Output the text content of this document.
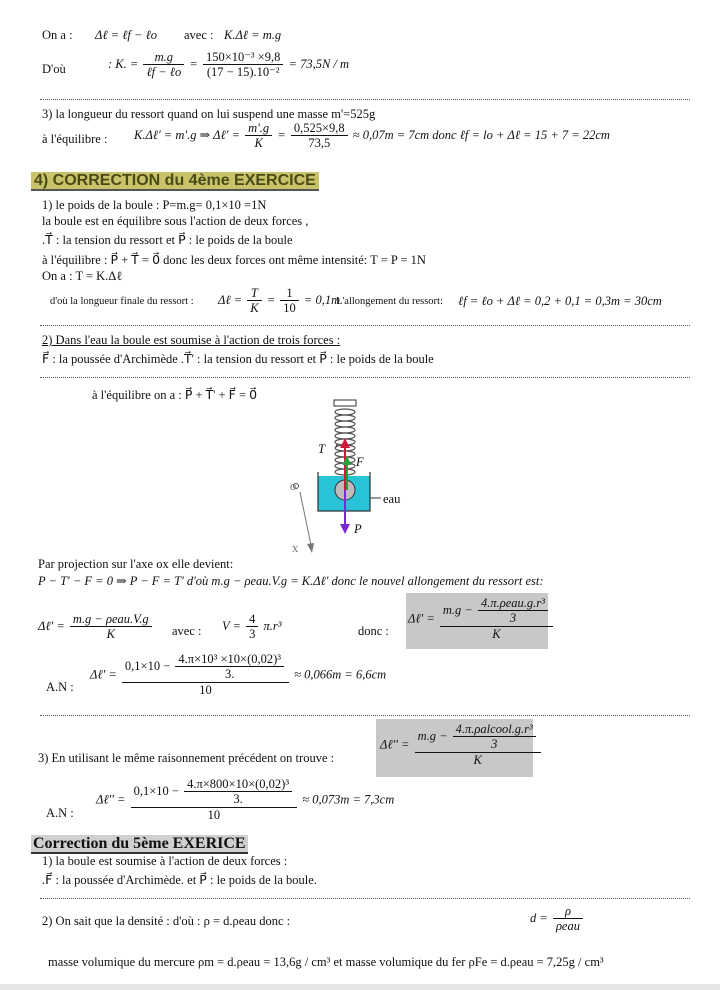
On a : Δℓ = ℓf − ℓo avec : K.Δℓ = m.g
D'où	: K. = $\frac{m.g}{\text{ℓf − ℓo}} = \frac{\text{150×10⁻³ ×9,8}}{\text{(17 − 15).10⁻²}} = 73,5N / m$
3) la longueur du ressort quand on lui suspend une masse m'=525g
à l'équilibre : K.Δℓ' = m'.g ⇒ Δℓ' = $\frac{m'.g}{K} = \frac{0,525\times 9,8}{73,5} \approx 0,07m = 7cm$ donc ℓf = lo + Δℓ = 15 + 7 = 22cm
4) CORRECTION du 4ème EXERCICE
1) le poids de la boule : P=m.g= 0,1×10 =1N
la boule est en équilibre sous l'action de deux forces ,
.T⃗ : la tension du ressort et P⃗ : le poids de la boule
à l'équilibre : P⃗ + T⃗ = 0⃗ donc les deux forces ont même intensité: T = P = 1N
On a : T = K.Δℓ
d'où la longueur finale du ressort : Δℓ = $\frac{T}{K} = \frac{1}{10} = 0,1m$
L'allongement du ressort: ℓf = ℓo + Δℓ = 0,2 + 0,1 = 0,3m = 30cm
2) Dans l'eau la boule est soumise à l'action de trois forces :
F⃗ : la poussée d'Archimède .T⃗' : la tension du ressort et P⃗ : le poids de la boule
à l'équilibre on a : P⃗ + T⃗' + F⃗ = 0⃗
T⃗'
F⃗
eau
P⃗
o
x
Par projection sur l'axe ox elle devient:
P − T' − F = 0 ⇒ P − F = T' d'où m.g − ρeau.V.g = K.Δℓ' donc le nouvel allongement du ressort est:
Δℓ' = $\frac{\text{m.g − ρeau.V.g}}{K}$ avec : $V = \frac{4}{3} \pi.r^3$	donc :
Δℓ' = $\frac{m.g - \frac{\text{4.π.ρeau.g.r³}}{3}}{K}$
A.N :
Δℓ' = $\frac{0,1\times 10 - \frac{\text{4.π×10³ ×10×(0,02)³}}{3.}}{10} \approx 0,066m = 6,6cm$
3) En utilisant le même raisonnement précédent on trouve :
Δℓ'' = $\frac{m.g - \frac{\text{4.π.ρalcool.g.r³}}{3}}{K}$
A.N :
Δℓ'' = $\frac{0,1\times 10 - \frac{\text{4.π×800×10×(0,02)³}}{3.}}{10} \approx 0,073m = 7,3cm$
Correction du 5ème EXERICE
1) la boule est soumise à l'action de deux forces :
.F⃗ : la poussée d'Archimède. et P⃗ : le poids de la boule.
2) On sait que la densité : d'où : ρ = d.ρeau donc :	$d = \frac{\rho}{\text{ρeau}}$
masse volumique du mercure ρm = d.ρeau = 13,6g / cm³ et masse volumique du fer ρFe = d.ρeau = 7,25g / cm³
